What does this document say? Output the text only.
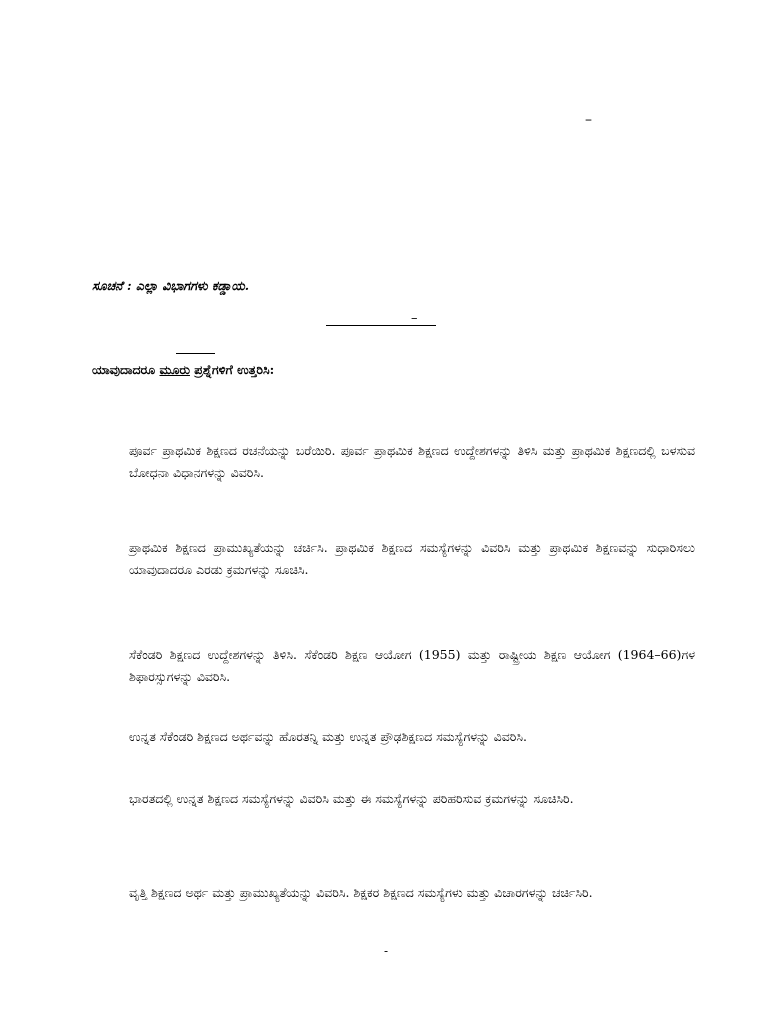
–
ಸೂಚನೆ : ಎಲ್ಲಾ ವಿಭಾಗಗಳು ಕಡ್ಡಾಯ.
–
ಯಾವುದಾದರೂ ಮೂರು ಪ್ರಶ್ನೆಗಳಿಗೆ ಉತ್ತರಿಸಿ:
ಪೂರ್ವ ಪ್ರಾಥಮಿಕ ಶಿಕ್ಷಣದ ರಚನೆಯನ್ನು ಬರೆಯಿರಿ. ಪೂರ್ವ ಪ್ರಾಥಮಿಕ ಶಿಕ್ಷಣದ ಉದ್ದೇಶಗಳನ್ನು ತಿಳಿಸಿ ಮತ್ತು ಪ್ರಾಥಮಿಕ ಶಿಕ್ಷಣದಲ್ಲಿ ಬಳಸುವ ಬೋಧನಾ ವಿಧಾನಗಳನ್ನು ವಿವರಿಸಿ.
ಪ್ರಾಥಮಿಕ ಶಿಕ್ಷಣದ ಪ್ರಾಮುಖ್ಯತೆಯನ್ನು ಚರ್ಚಿಸಿ. ಪ್ರಾಥಮಿಕ ಶಿಕ್ಷಣದ ಸಮಸ್ಯೆಗಳನ್ನು ವಿವರಿಸಿ ಮತ್ತು ಪ್ರಾಥಮಿಕ ಶಿಕ್ಷಣವನ್ನು ಸುಧಾರಿಸಲು ಯಾವುದಾದರೂ ಎರಡು ಕ್ರಮಗಳನ್ನು ಸೂಚಿಸಿ.
ಸೆಕೆಂಡರಿ ಶಿಕ್ಷಣದ ಉದ್ದೇಶಗಳನ್ನು ತಿಳಿಸಿ. ಸೆಕೆಂಡರಿ ಶಿಕ್ಷಣ ಆಯೋಗ (1955) ಮತ್ತು ರಾಷ್ಟ್ರೀಯ ಶಿಕ್ಷಣ ಆಯೋಗ (1964–66)ಗಳ ಶಿಫಾರಸ್ಸುಗಳನ್ನು ವಿವರಿಸಿ.
ಉನ್ನತ ಸೆಕೆಂಡರಿ ಶಿಕ್ಷಣದ ಅರ್ಥವನ್ನು ಹೊರತನ್ನಿ ಮತ್ತು ಉನ್ನತ ಪ್ರೌಢಶಿಕ್ಷಣದ ಸಮಸ್ಯೆಗಳನ್ನು ವಿವರಿಸಿ.
ಭಾರತದಲ್ಲಿ ಉನ್ನತ ಶಿಕ್ಷಣದ ಸಮಸ್ಯೆಗಳನ್ನು ವಿವರಿಸಿ ಮತ್ತು ಈ ಸಮಸ್ಯೆಗಳನ್ನು ಪರಿಹರಿಸುವ ಕ್ರಮಗಳನ್ನು ಸೂಚಿಸಿರಿ.
ವೃತ್ತಿ ಶಿಕ್ಷಣದ ಅರ್ಥ ಮತ್ತು ಪ್ರಾಮುಖ್ಯತೆಯನ್ನು ವಿವರಿಸಿ. ಶಿಕ್ಷಕರ ಶಿಕ್ಷಣದ ಸಮಸ್ಯೆಗಳು ಮತ್ತು ವಿಚಾರಗಳನ್ನು ಚರ್ಚಿಸಿರಿ.
-
